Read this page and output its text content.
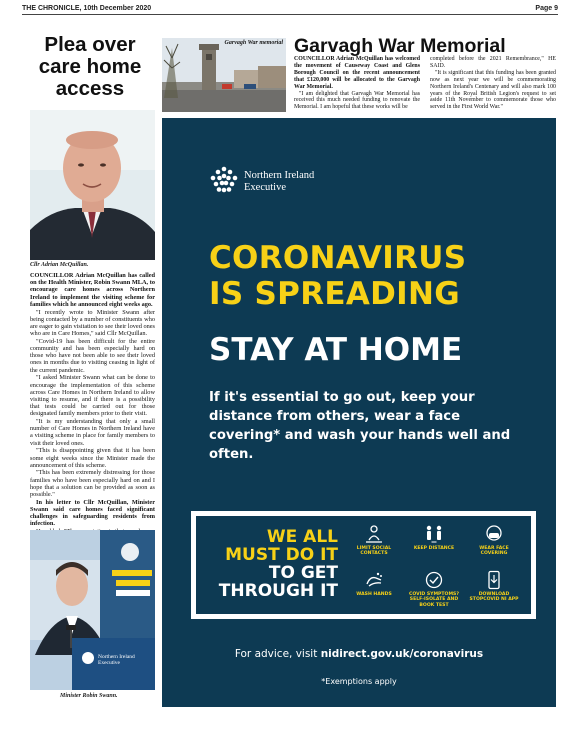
THE CHRONICLE, 10th December 2020	Page 9
Plea over
care home
access
Cllr Adrian McQuillan.

COUNCILLOR Adrian McQuillan has called on the Health Minister, Robin Swann MLA, to encourage care homes across Northern Ireland to implement the visiting scheme for families which he announced eight weeks ago.

"I recently wrote to Minister Swann after being contacted by a number of constituents who are eager to gain visitation to see their loved ones who are in Care Homes," said Cllr McQuillan.

"Covid-19 has been difficult for the entire community and has been especially hard on those who have not been able to see their loved ones in months due to visiting ceasing in light of the current pandemic.

"I asked Minister Swann what can be done to encourage the implementation of this scheme across Care Homes in Northern Ireland to allow visiting to resume, and if there is a possibility that tests could be carried out for those designated family members prior to their visit.

"It is my understanding that only a small number of Care Homes in Northern Ireland have a visiting scheme in place for family members to visit their loved ones.

"This is disappointing given that it has been some eight weeks since the Minister made the announcement of this scheme.

"This has been extremely distressing for those families who have been especially hard on and I hope that a solution can be provided as soon as possible."

In his letter to Cllr McQuillan, Minister Swann said care homes faced significant challenges in safeguarding residents from infection.

Northern Ireland
Executive
Minister Robin Swann.
Garvagh War memorial Garvagh War Memorial

COUNCILLOR Adrian McQuillan has welcomed the movement of Causeway Coast and Glens Borough Council on the recent announcement that £120,000 will be allocated to the Garvagh War Memorial.

"I am delighted that Garvagh War Memorial has received this much needed funding to renovate the Memorial. I am hopeful that these works will be

completed before the 2021 Remembrance," HE SAID.

"It is significant that this funding has been granted now as next year we will be commemorating Northern Ireland's Centenary and will also mark 100 years of the Royal British Legion's request to set aside 11th November to commemorate those who served in the First World War."

Northern Ireland
Executive
CORONAVIRUS
IS SPREADING
STAY AT HOME
If it's essential to go out, keep your distance from others, wear a face covering* and wash your hands well and often.
WE ALL
MUST DO IT
TO GET
THROUGH IT
LIMIT SOCIAL CONTACTS
KEEP DISTANCE	WEAR FACE COVERING
WASH HANDS	COVID SYMPTOMS? SELF-ISOLATE AND BOOK TEST
DOWNLOAD STOPCOVID NI APP
For advice, visit nidirect.gov.uk/coronavirus
*Exemptions apply
